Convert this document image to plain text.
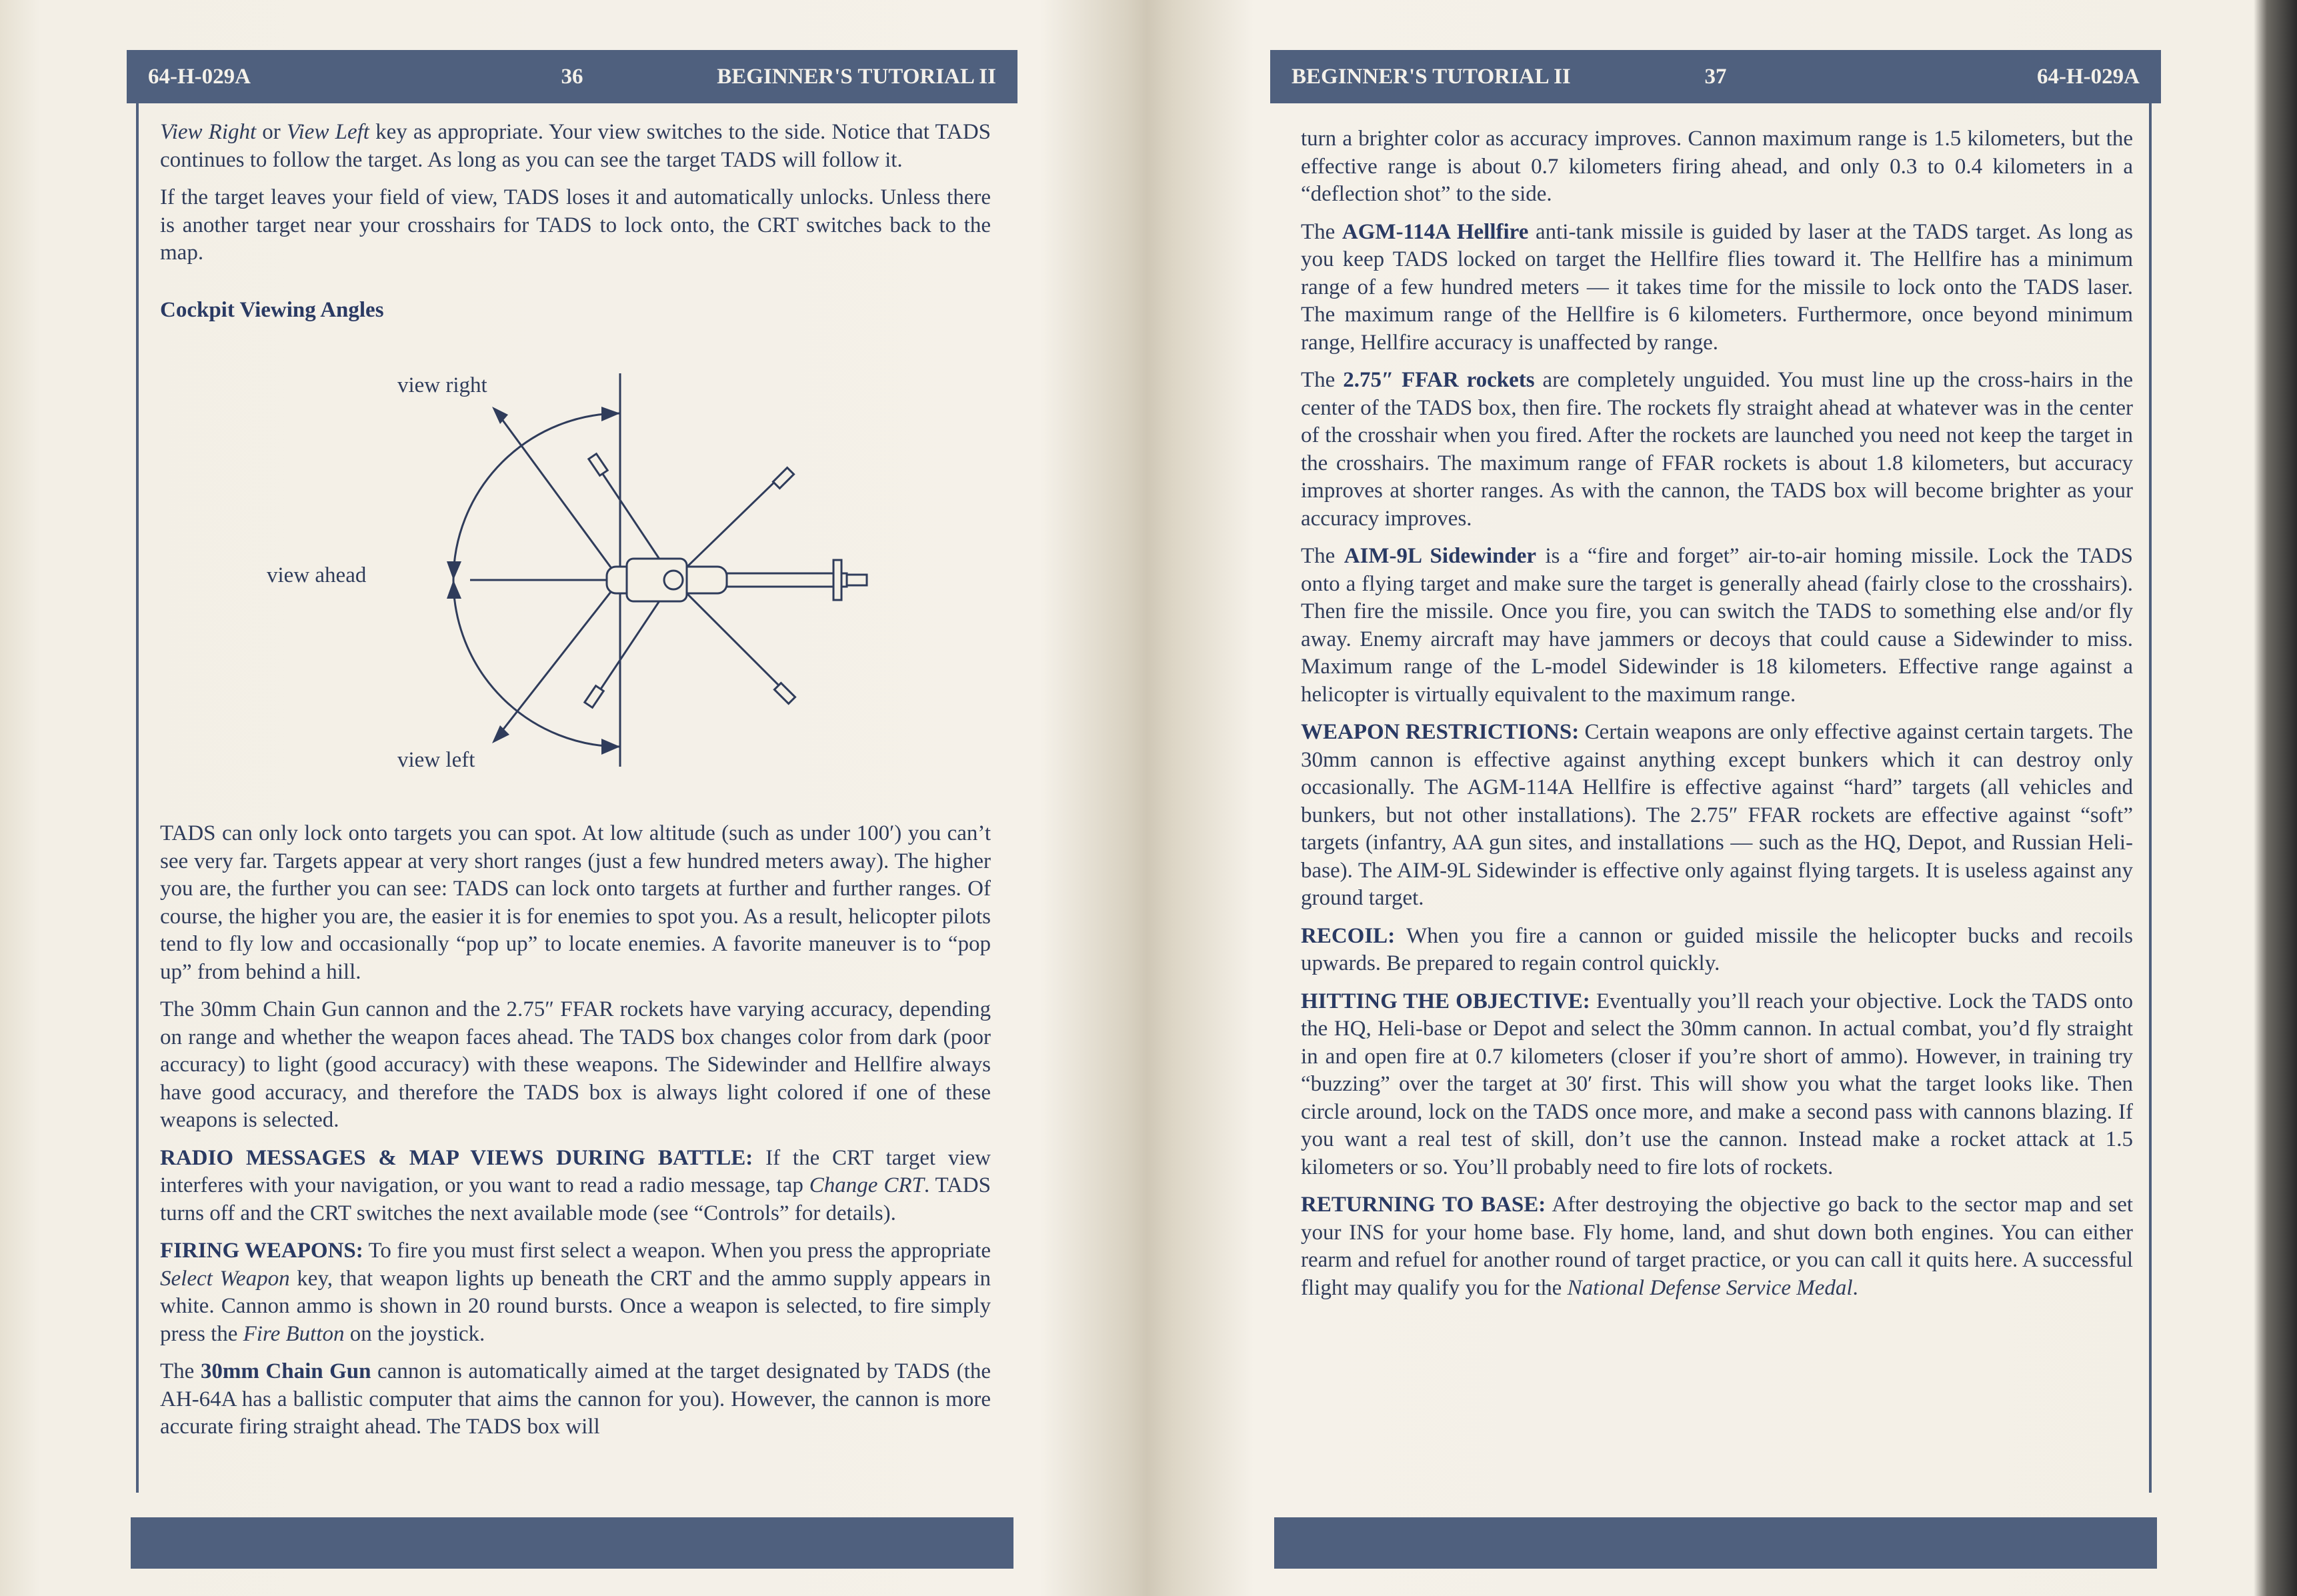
64-H-029A	36	BEGINNER'S TUTORIAL II

View Right or View Left key as appropriate. Your view switches to the side. Notice that TADS continues to follow the target. As long as you can see the target TADS will follow it.

If the target leaves your field of view, TADS loses it and automatically unlocks. Unless there is another target near your crosshairs for TADS to lock onto, the CRT switches back to the map.

Cockpit Viewing Angles

view right
view ahead
view left

TADS can only lock onto targets you can spot. At low altitude (such as under 100′) you can’t see very far. Targets appear at very short ranges (just a few hundred meters away). The higher you are, the further you can see: TADS can lock onto targets at further and further ranges. Of course, the higher you are, the easier it is for enemies to spot you. As a result, helicopter pilots tend to fly low and occasionally “pop up” to locate enemies. A favorite maneuver is to “pop up” from behind a hill.

The 30mm Chain Gun cannon and the 2.75″ FFAR rockets have varying accuracy, depending on range and whether the weapon faces ahead. The TADS box changes color from dark (poor accuracy) to light (good accuracy) with these weapons. The Sidewinder and Hellfire always have good accuracy, and therefore the TADS box is always light colored if one of these weapons is selected.

RADIO MESSAGES & MAP VIEWS DURING BATTLE: If the CRT target view interferes with your navigation, or you want to read a radio message, tap Change CRT. TADS turns off and the CRT switches the next available mode (see “Controls” for details).

FIRING WEAPONS: To fire you must first select a weapon. When you press the appropriate Select Weapon key, that weapon lights up beneath the CRT and the ammo supply appears in white. Cannon ammo is shown in 20 round bursts. Once a weapon is selected, to fire simply press the Fire Button on the joystick.

The 30mm Chain Gun cannon is automatically aimed at the target designated by TADS (the AH-64A has a ballistic computer that aims the cannon for you). However, the cannon is more accurate firing straight ahead. The TADS box will

BEGINNER'S TUTORIAL II	37	64-H-029A

turn a brighter color as accuracy improves. Cannon maximum range is 1.5 kilometers, but the effective range is about 0.7 kilometers firing ahead, and only 0.3 to 0.4 kilometers in a “deflection shot” to the side.

The AGM-114A Hellfire anti-tank missile is guided by laser at the TADS target. As long as you keep TADS locked on target the Hellfire flies toward it. The Hellfire has a minimum range of a few hundred meters — it takes time for the missile to lock onto the TADS laser. The maximum range of the Hellfire is 6 kilometers. Furthermore, once beyond minimum range, Hellfire accuracy is unaffected by range.

The 2.75″ FFAR rockets are completely unguided. You must line up the cross-hairs in the center of the TADS box, then fire. The rockets fly straight ahead at whatever was in the center of the crosshair when you fired. After the rockets are launched you need not keep the target in the crosshairs. The maximum range of FFAR rockets is about 1.8 kilometers, but accuracy improves at shorter ranges. As with the cannon, the TADS box will become brighter as your accuracy improves.

The AIM-9L Sidewinder is a “fire and forget” air-to-air homing missile. Lock the TADS onto a flying target and make sure the target is generally ahead (fairly close to the crosshairs). Then fire the missile. Once you fire, you can switch the TADS to something else and/or fly away. Enemy aircraft may have jammers or decoys that could cause a Sidewinder to miss. Maximum range of the L-model Sidewinder is 18 kilometers. Effective range against a helicopter is virtually equivalent to the maximum range.

WEAPON RESTRICTIONS: Certain weapons are only effective against certain targets. The 30mm cannon is effective against anything except bunkers which it can destroy only occasionally. The AGM-114A Hellfire is effective against “hard” targets (all vehicles and bunkers, but not other installations). The 2.75″ FFAR rockets are effective against “soft” targets (infantry, AA gun sites, and installations — such as the HQ, Depot, and Russian Heli-base). The AIM-9L Sidewinder is effective only against flying targets. It is useless against any ground target.

RECOIL: When you fire a cannon or guided missile the helicopter bucks and recoils upwards. Be prepared to regain control quickly.

HITTING THE OBJECTIVE: Eventually you’ll reach your objective. Lock the TADS onto the HQ, Heli-base or Depot and select the 30mm cannon. In actual combat, you’d fly straight in and open fire at 0.7 kilometers (closer if you’re short of ammo). However, in training try “buzzing” over the target at 30′ first. This will show you what the target looks like. Then circle around, lock on the TADS once more, and make a second pass with cannons blazing. If you want a real test of skill, don’t use the cannon. Instead make a rocket attack at 1.5 kilometers or so. You’ll probably need to fire lots of rockets.

RETURNING TO BASE: After destroying the objective go back to the sector map and set your INS for your home base. Fly home, land, and shut down both engines. You can either rearm and refuel for another round of target practice, or you can call it quits here. A successful flight may qualify you for the National Defense Service Medal.
